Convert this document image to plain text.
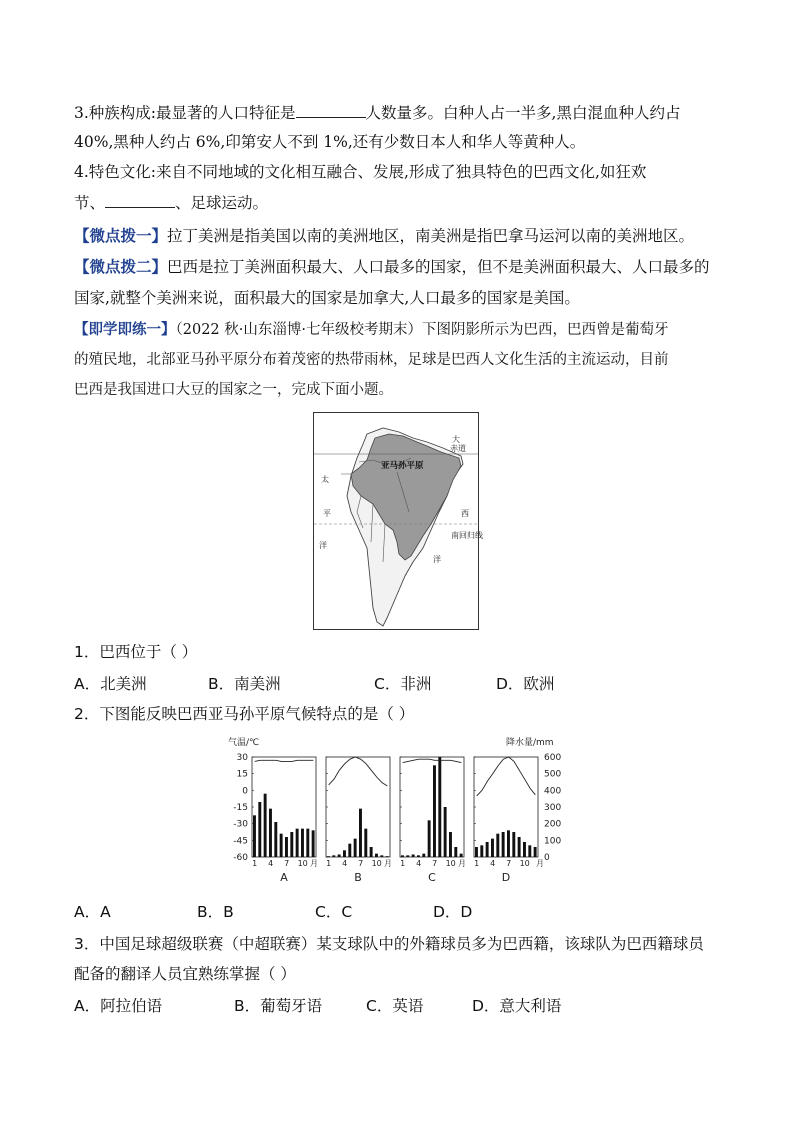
3.种族构成:最显著的人口特征是	人数量多。白种人占一半多,黑白混血种人约占
40%,黑种人约占 6%,印第安人不到 1%,还有少数日本人和华人等黄种人。
4.特色文化:来自不同地域的文化相互融合、发展,形成了独具特色的巴西文化,如狂欢
节、	、足球运动。
【微点拨一】拉丁美洲是指美国以南的美洲地区，南美洲是指巴拿马运河以南的美洲地区。
【微点拨二】巴西是拉丁美洲面积最大、人口最多的国家，但不是美洲面积最大、人口最多的
国家,就整个美洲来说，面积最大的国家是加拿大,人口最多的国家是美国。
【即学即练一】（2022 秋·山东淄博·七年级校考期末）下图阴影所示为巴西，巴西曾是葡萄牙
的殖民地，北部亚马孙平原分布着茂密的热带雨林，足球是巴西人文化生活的主流运动，目前
巴西是我国进口大豆的国家之一，完成下面小题。
赤道
南回归线
亚马孙平原
太
平
洋
大
西
洋
1．巴西位于（ ）
A．北美洲	B．南美洲	C．非洲	D．欧洲
2．下图能反映巴西亚马孙平原气候特点的是（ ）
气温/℃	降水量/mm
30
15
0
-15
-30
-45
-60
600
500
400
300
200
100
0
1 4 7 10 月
A
1 4 7 10 月
B
1 4 7 10 月
C
1 4 7 10 月
D
A．A	B．B	C．C	D．D
3．中国足球超级联赛（中超联赛）某支球队中的外籍球员多为巴西籍，该球队为巴西籍球员
配备的翻译人员宜熟练掌握（ ）
A．阿拉伯语	B．葡萄牙语	C．英语	D．意大利语
